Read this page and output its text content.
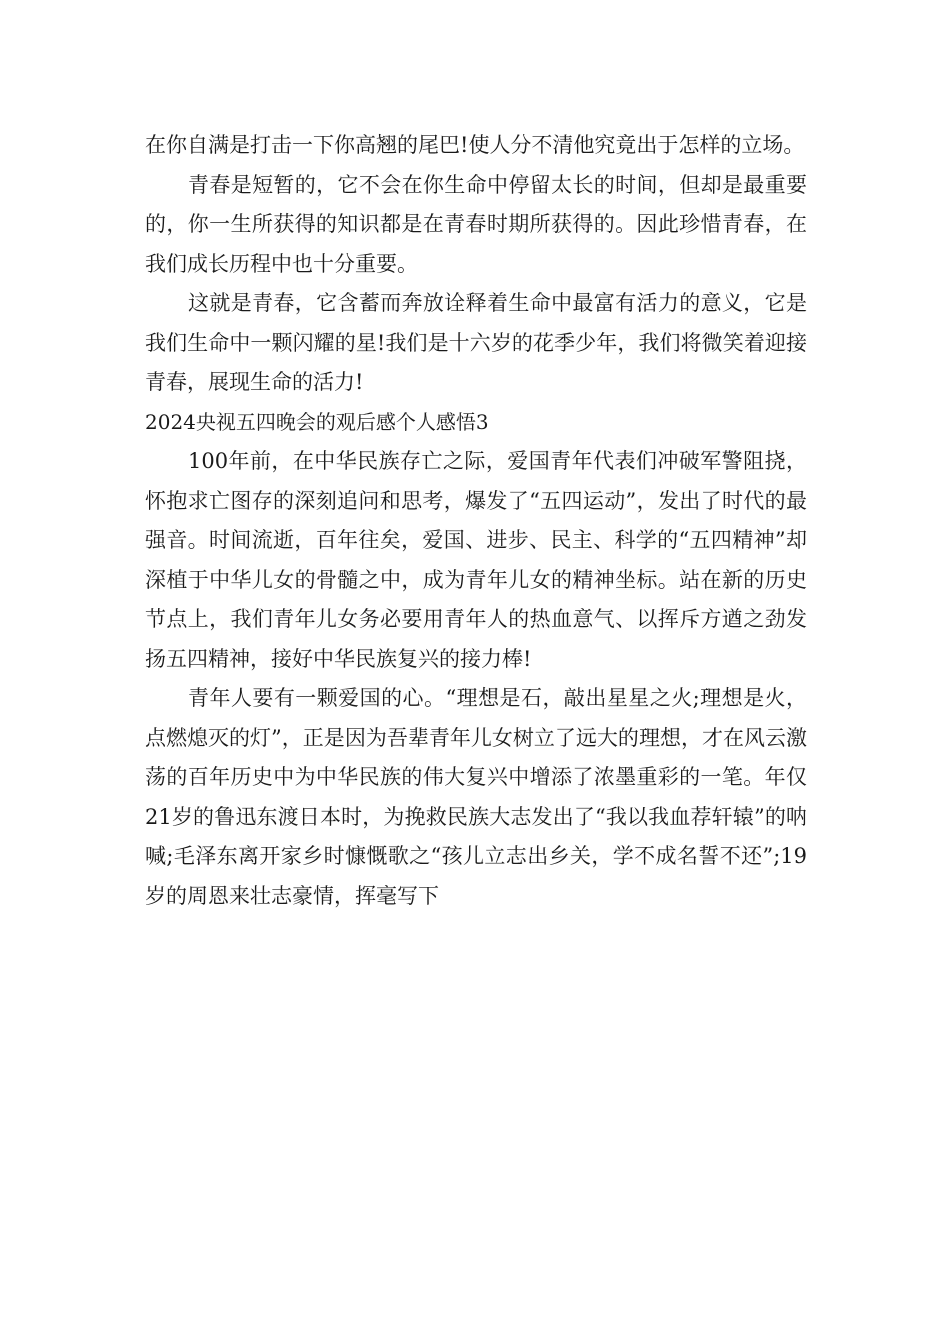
在你自满是打击一下你高翘的尾巴!使人分不清他究竟出于怎样的立场。

青春是短暂的，它不会在你生命中停留太长的时间，但却是最重要的，你一生所获得的知识都是在青春时期所获得的。因此珍惜青春，在我们成长历程中也十分重要。

这就是青春，它含蓄而奔放诠释着生命中最富有活力的意义，它是我们生命中一颗闪耀的星!我们是十六岁的花季少年，我们将微笑着迎接青春，展现生命的活力!

2024央视五四晚会的观后感个人感悟3

100年前，在中华民族存亡之际，爱国青年代表们冲破军警阻挠，怀抱求亡图存的深刻追问和思考，爆发了“五四运动”，发出了时代的最强音。时间流逝，百年往矣，爱国、进步、民主、科学的“五四精神”却深植于中华儿女的骨髓之中，成为青年儿女的精神坐标。站在新的历史节点上，我们青年儿女务必要用青年人的热血意气、以挥斥方遒之劲发扬五四精神，接好中华民族复兴的接力棒!

青年人要有一颗爱国的心。“理想是石，敲出星星之火;理想是火，点燃熄灭的灯”，正是因为吾辈青年儿女树立了远大的理想，才在风云激荡的百年历史中为中华民族的伟大复兴中增添了浓墨重彩的一笔。年仅21岁的鲁迅东渡日本时，为挽救民族大志发出了“我以我血荐轩辕”的呐喊;毛泽东离开家乡时慷慨歌之“孩儿立志出乡关，学不成名誓不还”;19岁的周恩来壮志豪情，挥毫写下
